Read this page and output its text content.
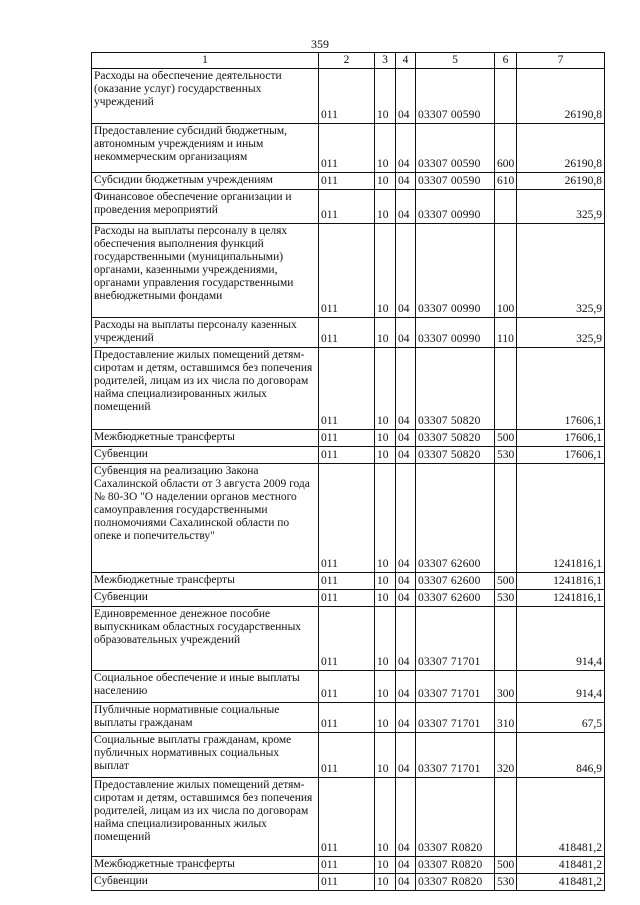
359
1	2	3	4	5	6	7
Расходы на обеспечение деятельности (оказание услуг) государственных учреждений	011	10	04	03307 00590		26190,8
Предоставление субсидий бюджетным, автономным учреждениям и иным некоммерческим организациям	011	10	04	03307 00590	600	26190,8
Субсидии бюджетным учреждениям	011	10	04	03307 00590	610	26190,8
Финансовое обеспечение организации и проведения мероприятий	011	10	04	03307 00990		325,9
Расходы на выплаты персоналу в целях обеспечения выполнения функций государственными (муниципальными) органами, казенными учреждениями, органами управления государственными внебюджетными фондами	011	10	04	03307 00990	100	325,9
Расходы на выплаты персоналу казенных учреждений	011	10	04	03307 00990	110	325,9
Предоставление жилых помещений детям-сиротам и детям, оставшимся без попечения родителей, лицам из их числа по договорам найма специализированных жилых помещений	011	10	04	03307 50820		17606,1
Межбюджетные трансферты	011	10	04	03307 50820	500	17606,1
Субвенции	011	10	04	03307 50820	530	17606,1
Субвенция на реализацию Закона Сахалинской области от 3 августа 2009 года № 80-ЗО "О наделении органов местного самоуправления государственными полномочиями Сахалинской области по опеке и попечительству"	011	10	04	03307 62600		1241816,1
Межбюджетные трансферты	011	10	04	03307 62600	500	1241816,1
Субвенции	011	10	04	03307 62600	530	1241816,1
Единовременное денежное пособие выпускникам областных государственных образовательных учреждений	011	10	04	03307 71701		914,4
Социальное обеспечение и иные выплаты населению	011	10	04	03307 71701	300	914,4
Публичные нормативные социальные выплаты гражданам	011	10	04	03307 71701	310	67,5
Социальные выплаты гражданам, кроме публичных нормативных социальных выплат	011	10	04	03307 71701	320	846,9
Предоставление жилых помещений детям-сиротам и детям, оставшимся без попечения родителей, лицам из их числа по договорам найма специализированных жилых помещений	011	10	04	03307 R0820		418481,2
Межбюджетные трансферты	011	10	04	03307 R0820	500	418481,2
Субвенции	011	10	04	03307 R0820	530	418481,2
